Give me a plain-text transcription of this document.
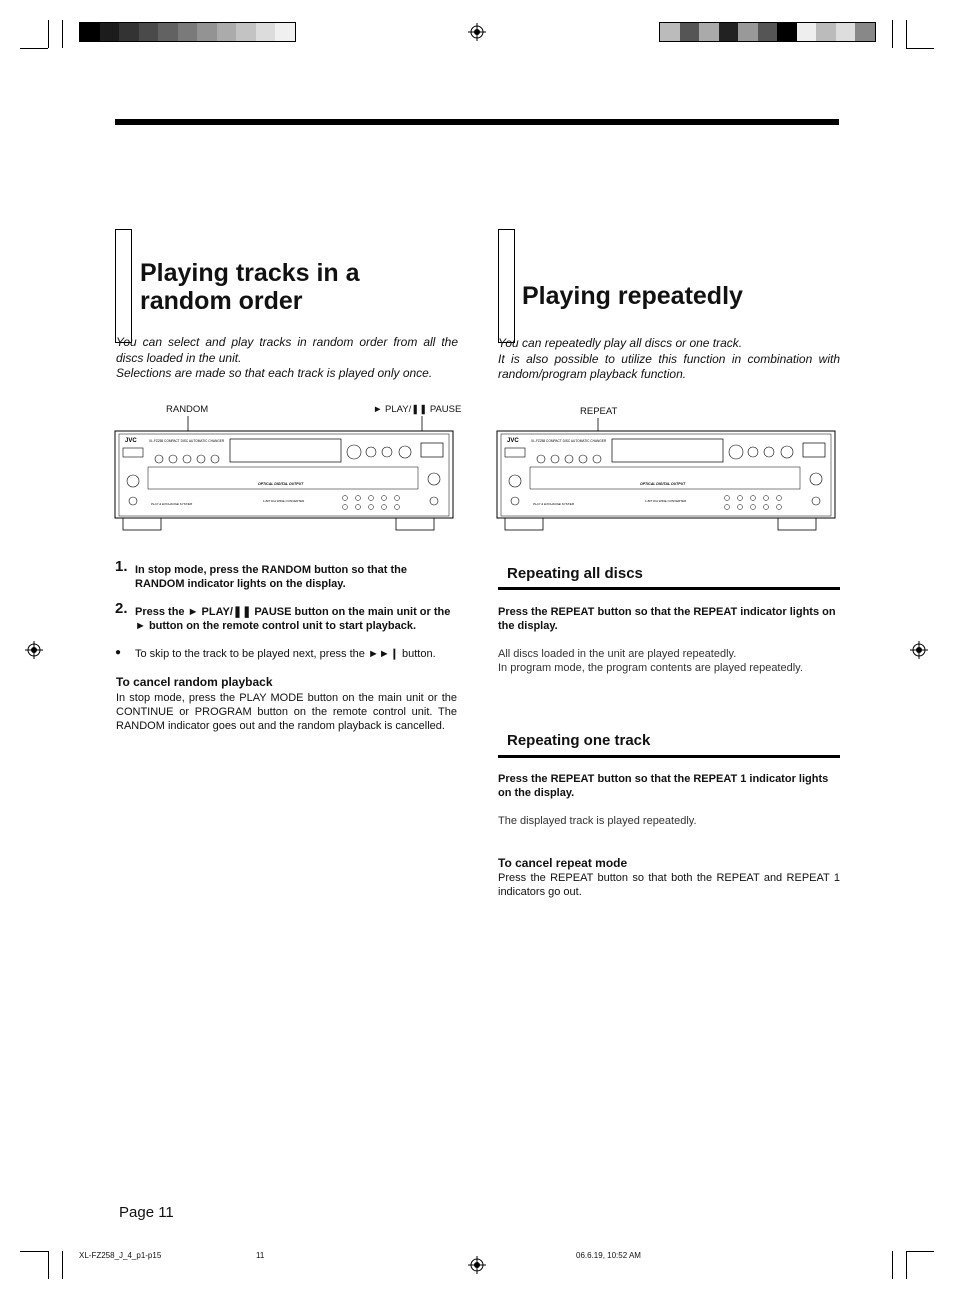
Playing tracks in a
random order
You can select and play tracks in random order from all the discs loaded in the unit.
Selections are made so that each track is played only once.
RANDOM	► PLAY/❚❚ PAUSE
JVC	XL-FZ258 COMPACT DISC AUTOMATIC CHANGER
OPTICAL DIGITAL OUTPUT
PLAY & EXCHANGE SYSTEM
1-BIT D/A WIDE CONVERTER
1. In stop mode, press the RANDOM button so that the RANDOM indicator lights on the display.
2. Press the ► PLAY/❚❚ PAUSE button on the main unit or the ► button on the remote control unit to start playback.
● To skip to the track to be played next, press the ►►❙ button.
To cancel random playback
In stop mode, press the PLAY MODE button on the main unit or the CONTINUE or PROGRAM button on the remote control unit. The RANDOM indicator goes out and the random playback is cancelled.
Playing repeatedly
You can repeatedly play all discs or one track.
It is also possible to utilize this function in combination with random/program playback function.
REPEAT
JVC	XL-FZ258 COMPACT DISC AUTOMATIC CHANGER
OPTICAL DIGITAL OUTPUT
PLAY & EXCHANGE SYSTEM
1-BIT D/A WIDE CONVERTER
Repeating all discs
Press the REPEAT button so that the REPEAT indicator lights on the display.
All discs loaded in the unit are played repeatedly.
In program mode, the program contents are played repeatedly.
Repeating one track
Press the REPEAT button so that the REPEAT 1 indicator lights on the display.
The displayed track is played repeatedly.
To cancel repeat mode
Press the REPEAT button so that both the REPEAT and REPEAT 1 indicators go out.
Page 11
XL-FZ258_J_4_p1-p15	11	06.6.19, 10:52 AM
